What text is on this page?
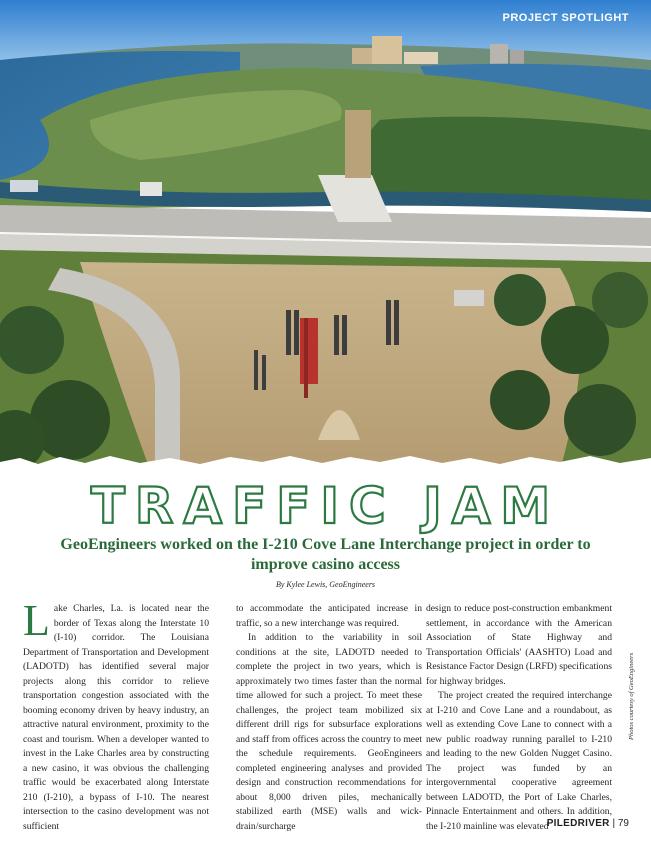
PROJECT SPOTLIGHT
TRAFFIC JAM
GeoEngineers worked on the I-210 Cove Lane Interchange project in order to improve casino access
By Kylee Lewis, GeoEngineers

Lake Charles, La. is located near the border of Texas along the Interstate 10 (I-10) corridor. The Louisiana Department of Transportation and Development (LADOTD) has identified several major projects along this corridor to relieve transportation congestion associated with the booming economy driven by heavy industry, an attractive natural environment, proximity to the coast and tourism. When a developer wanted to invest in the Lake Charles area by constructing a new casino, it was obvious the challenging traffic would be exacerbated along Interstate 210 (I-210), a bypass of I-10. The nearest intersection to the casino development was not sufficient

to accommodate the anticipated increase in traffic, so a new interchange was required.

In addition to the variability in soil conditions at the site, LADOTD needed to complete the project in two years, which is approximately two times faster than the normal time allowed for such a project. To meet these challenges, the project team mobilized six different drill rigs for subsurface explorations and staff from offices across the country to meet the schedule requirements. GeoEngineers completed engineering analyses and provided design and construction recommendations for about 8,000 driven piles, mechanically stabilized earth (MSE) walls and wick-drain/surcharge

design to reduce post-construction embankment settlement, in accordance with the American Association of State Highway and Transportation Officials' (AASHTO) Load and Resistance Factor Design (LRFD) specifications for highway bridges.

The project created the required interchange at I-210 and Cove Lane and a roundabout, as well as extending Cove Lane to connect with a new public roadway running parallel to I-210 and leading to the new Golden Nugget Casino. The project was funded by an intergovernmental cooperative agreement between LADOTD, the Port of Lake Charles, Pinnacle Entertainment and others. In addition, the I-210 mainline was elevated

Photos courtesy of GeoEngineers
PILEDRIVER | 79
